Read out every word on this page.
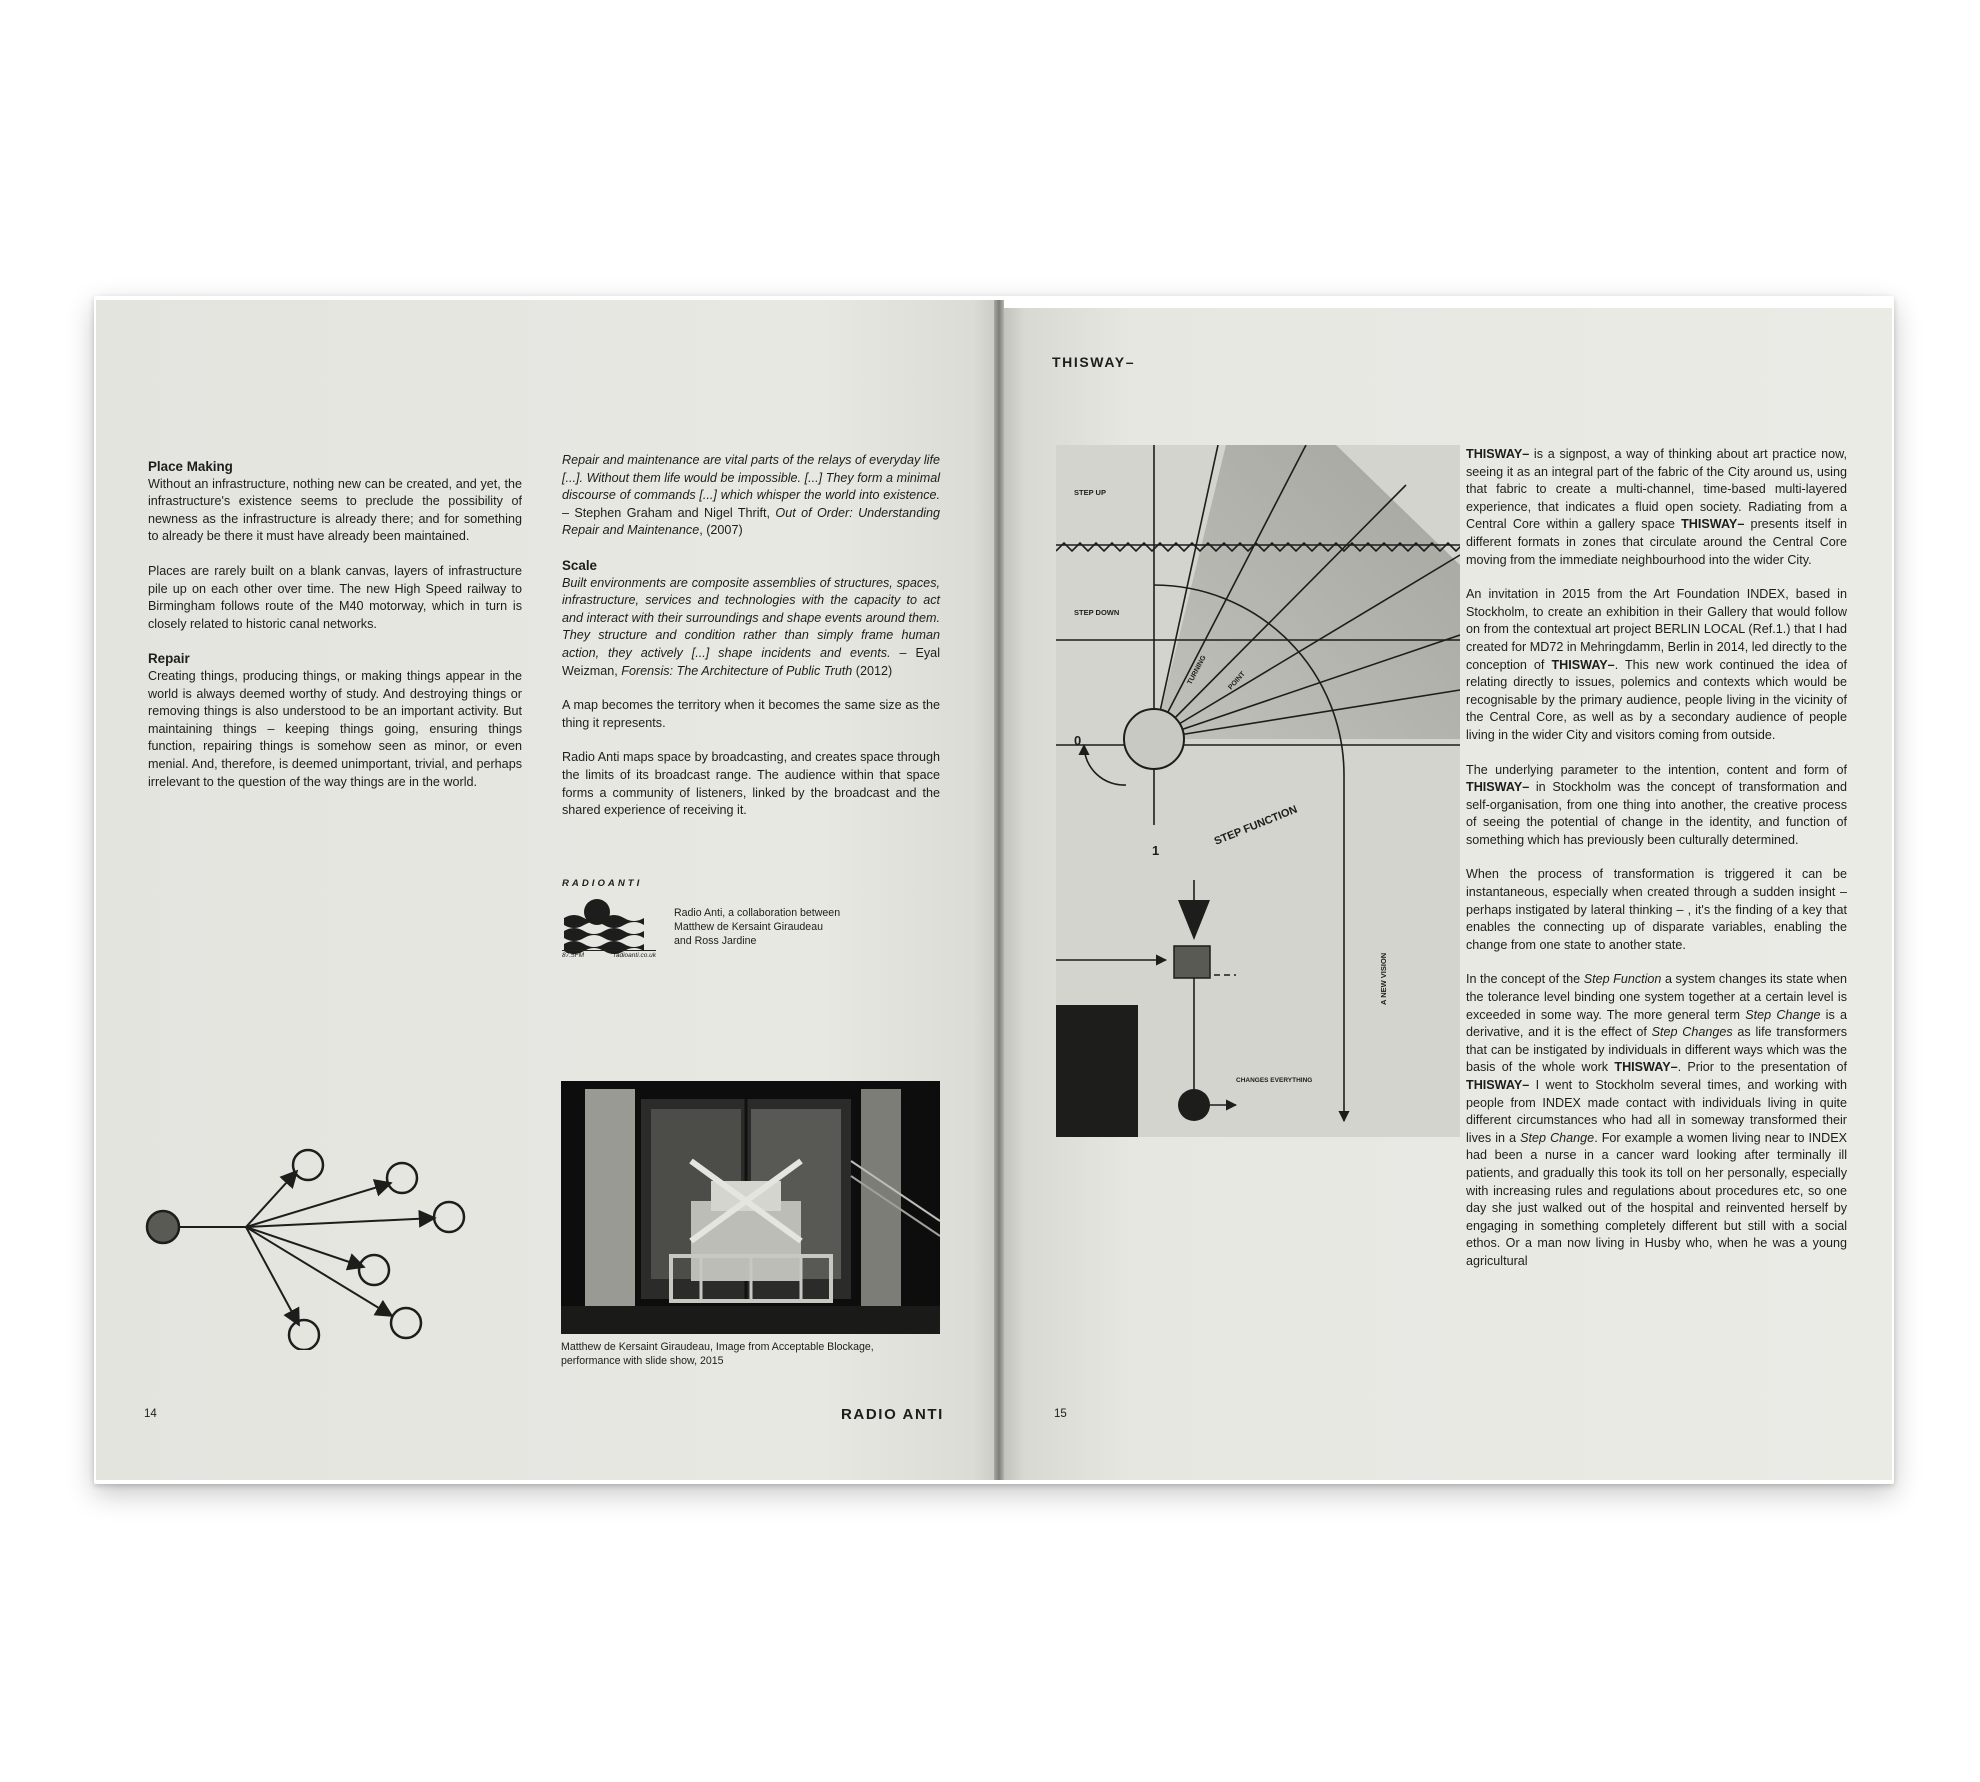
Place Making

Without an infrastructure, nothing new can be created, and yet, the infrastructure's existence seems to preclude the possibility of newness as the infrastructure is already there; and for something to already be there it must have already been maintained.

Places are rarely built on a blank canvas, layers of infrastructure pile up on each other over time. The new High Speed railway to Birmingham follows route of the M40 motorway, which in turn is closely related to historic canal networks.

Repair

Creating things, producing things, or making things appear in the world is always deemed worthy of study. And destroying things or removing things is also understood to be an important activity. But maintaining things – keeping things going, ensuring things function, repairing things is somehow seen as minor, or even menial. And, therefore, is deemed unimportant, trivial, and perhaps irrelevant to the question of the way things are in the world.

Repair and maintenance are vital parts of the relays of everyday life [...]. Without them life would be impossible. [...] They form a minimal discourse of commands [...] which whisper the world into existence. – Stephen Graham and Nigel Thrift, Out of Order: Understanding Repair and Maintenance, (2007)

Scale

Built environments are composite assemblies of structures, spaces, infrastructure, services and technologies with the capacity to act and interact with their surroundings and shape events around them. They structure and condition rather than simply frame human action, they actively [...] shape incidents and events. – Eyal Weizman, Forensis: The Architecture of Public Truth (2012)

A map becomes the territory when it becomes the same size as the thing it represents.

Radio Anti maps space by broadcasting, and creates space through the limits of its broadcast range. The audience within that space forms a community of listeners, linked by the broadcast and the shared experience of receiving it.

RADIOANTI
87.5FM	radioanti.co.uk
Radio Anti, a collaboration between
Matthew de Kersaint Giraudeau
and Ross Jardine
Matthew de Kersaint Giraudeau, Image from Acceptable Blockage,
performance with slide show, 2015
14	RADIO ANTI
THISWAY–

THISWAY– is a signpost, a way of thinking about art practice now, seeing it as an integral part of the fabric of the City around us, using that fabric to create a multi-channel, time-based multi-layered experience, that indicates a fluid open society. Radiating from a Central Core within a gallery space THISWAY– presents itself in different formats in zones that circulate around the Central Core moving from the immediate neighbourhood into the wider City.

An invitation in 2015 from the Art Foundation INDEX, based in Stockholm, to create an exhibition in their Gallery that would follow on from the contextual art project BERLIN LOCAL (Ref.1.) that I had created for MD72 in Mehringdamm, Berlin in 2014, led directly to the conception of THISWAY–. This new work continued the idea of relating directly to issues, polemics and contexts which would be recognisable by the primary audience, people living in the vicinity of the Central Core, as well as by a secondary audience of people living in the wider City and visitors coming from outside.

The underlying parameter to the intention, content and form of THISWAY– in Stockholm was the concept of transformation and self-organisation, from one thing into another, the creative process of seeing the potential of change in the identity, and function of something which has previously been culturally determined.

When the process of transformation is triggered it can be instantaneous, especially when created through a sudden insight – perhaps instigated by lateral thinking – , it's the finding of a key that enables the connecting up of disparate variables, enabling the change from one state to another state.

In the concept of the Step Function a system changes its state when the tolerance level binding one system together at a certain level is exceeded in some way. The more general term Step Change is a derivative, and it is the effect of Step Changes as life transformers that can be instigated by individuals in different ways which was the basis of the whole work THISWAY–. Prior to the presentation of THISWAY– I went to Stockholm several times, and working with people from INDEX made contact with individuals living in quite different circumstances who had all in someway transformed their lives in a Step Change. For example a women living near to INDEX had been a nurse in a cancer ward looking after terminally ill patients, and gradually this took its toll on her personally, especially with increasing rules and regulations about procedures etc, so one day she just walked out of the hospital and reinvented herself by engaging in something completely different but still with a social ethos. Or a man now living in Husby who, when he was a young agricultural

15
STEP UP
STEP DOWN
0
1
TURNING	POINT
STEP FUNCTION
A NEW VISION
CHANGES EVERYTHING
